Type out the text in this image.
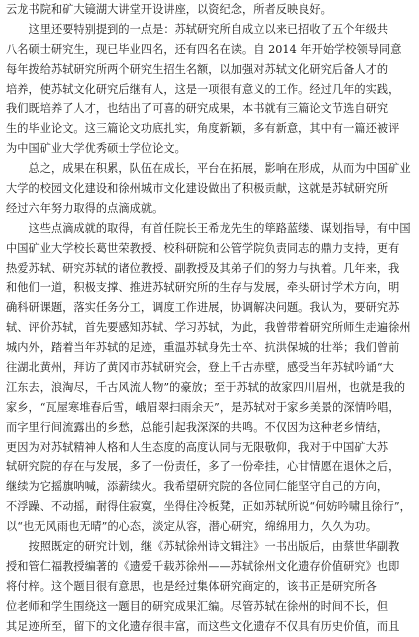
云龙书院和矿大镜湖大讲堂开设讲座，以资纪念，所者反映良好。

　　这里还要特别提到的一点是：苏轼研究所自成立以来已招收了五个年级共

八名硕士研究生，现已毕业四名，还有四名在读。自 2014 年开始学校领导同意

每年拨给苏轼研究所两个研究生招生名额，以加强对苏轼文化研究后备人才的

培养，使苏轼文化研究后继有人，这是一项很有意义的工作。经过几年的实践，

我们既培养了人才，也结出了可喜的研究成果，本书就有三篇论文节选自研究

生的毕业论文。这三篇论文功底扎实，角度新颖，多有新意，其中有一篇还被评

为中国矿业大学优秀硕士学位论文。

　　总之，成果在积累，队伍在成长，平台在拓展，影响在形成，从而为中国矿业

大学的校园文化建设和徐州城市文化建设做出了积极贡献，这就是苏轼研究所

经过六年努力取得的点滴成就。

　　这些点滴成就的取得，有首任院长王希龙先生的筚路蓝缕、谋划指导，有中国

中国矿业大学校长葛世荣教授、校科研院和公管学院负责同志的鼎力支持，更有

热爱苏轼、研究苏轼的诸位教授、副教授及其弟子们的努力与执着。几年来，我

和他们一道，积极支撑、推进苏轼研究所的生存与发展，牵头研讨学术方向，明

确科研课题，落实任务分工，调度工作进展，协调解决问题。我认为，要研究苏

轼、评价苏轼，首先要感知苏轼、学习苏轼，为此，我曾带着研究所师生走遍徐州

城内外，踏着当年苏轼的足迹，重温苏轼身先士卒、抗洪保城的壮举；我们曾前

往湖北黄州，拜访了黄冈市苏轼研究会，登上千古赤壁，感受当年苏轼吟诵“大

江东去，浪淘尽，千古风流人物”的豪放；至于苏轼的故家四川眉州，也就是我的

家乡，“瓦屋寒堆春后雪，峨眉翠扫雨余天”，是苏轼对于家乡美景的深情吟唱，

而字里行间流露出的乡愁，总能引起我深深的共鸣。不仅因为这种老乡情结，

更因为对苏轼精神人格和人生态度的高度认同与无限敬仰，我对于中国矿大苏

轼研究院的存在与发展，多了一份责任，多了一份牵挂，心甘情愿在退休之后，

继续为它摇旗呐喊，添薪续火。我希望研究院的各位同仁能坚守自己的方向，

不浮躁、不动摇，耐得住寂寞，坐得住冷板凳，正如苏轼所说“何妨吟啸且徐行”，

以“也无风雨也无晴”的心态，淡定从容，潜心研究，绵绵用力，久久为功。

　　按照既定的研究计划，继《苏轼徐州诗文辑注》一书出版后，由蔡世华副教

授和管仁福教授编著的《遗爱千载苏徐州——苏轼徐州文化遗存价值研究》也即

将付梓。这个题目很有意思，也是经过集体研究商定的，该书正是研究所各

位老师和学生围绕这一题目的研究成果汇编。尽管苏轼在徐州的时间不长，但

其足迹所至，留下的文化遗存很丰富，而这些文化遗存不仅具有历史价值，而且
